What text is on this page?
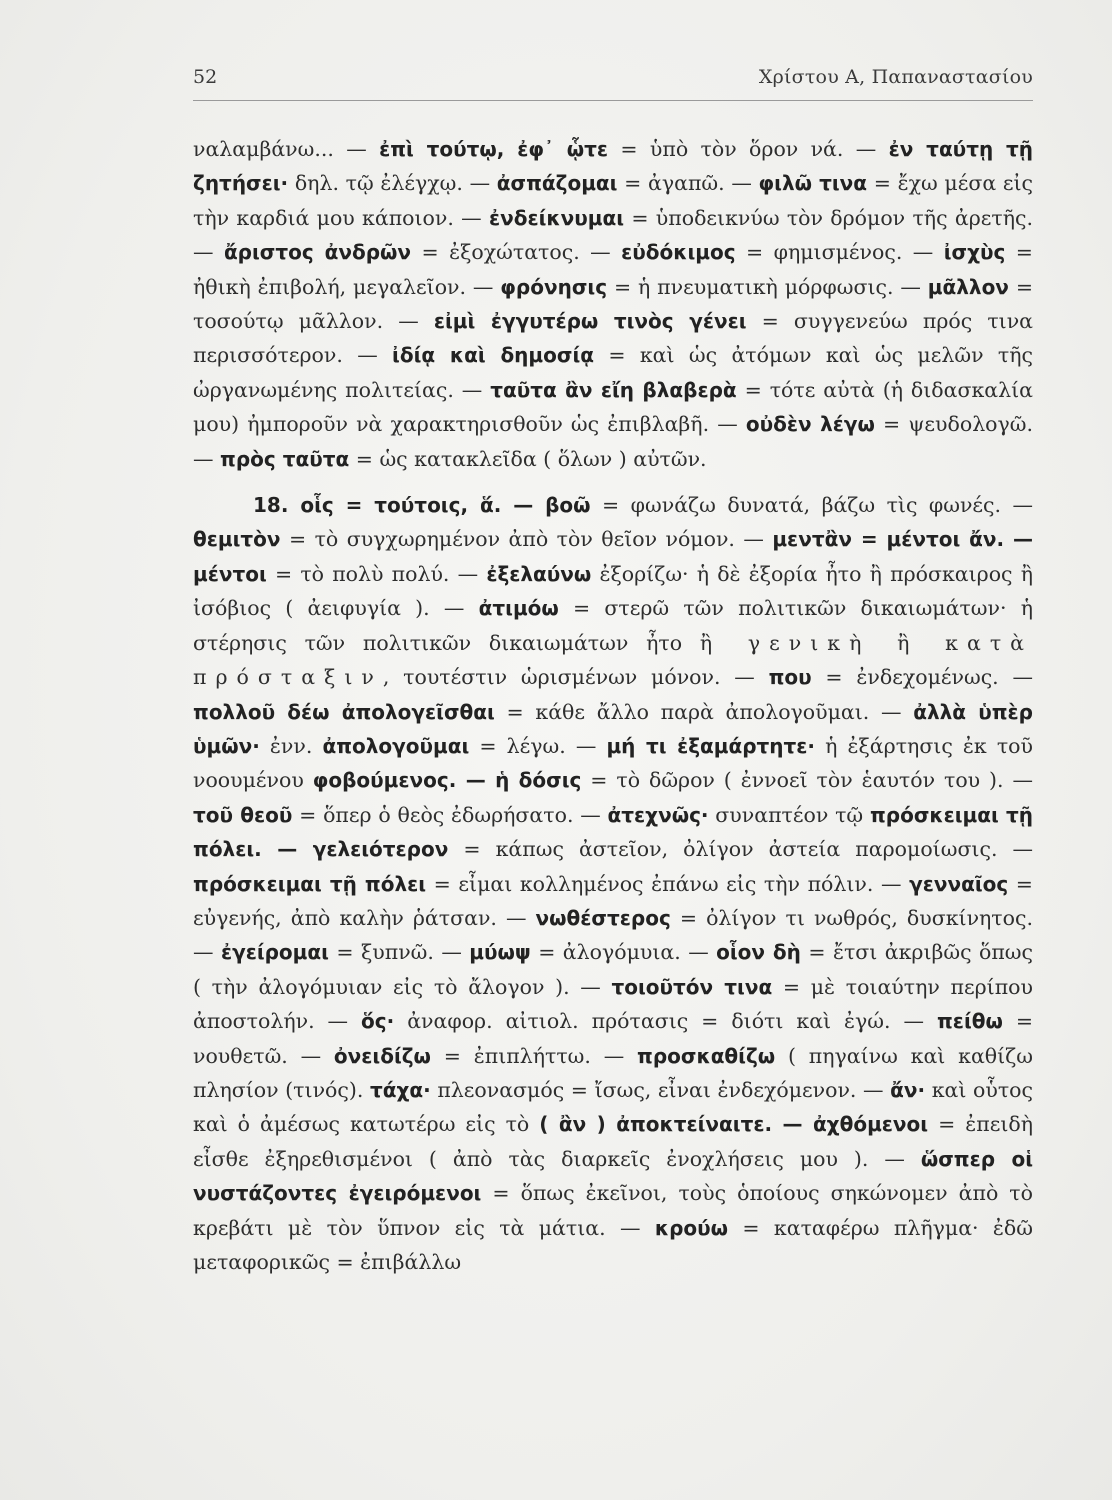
52	Χρίστου Α, Παπαναστασίου

ναλαμβάνω... — ἐπὶ τούτῳ, ἐφ᾽ ᾧτε = ὑπὸ τὸν ὅρον νά. — ἐν ταύτῃ τῇ ζητήσει· δηλ. τῷ ἐλέγχῳ. — ἀσπάζομαι = ἀγαπῶ. — φιλῶ τινα = ἔχω μέσα εἰς τὴν καρδιά μου κάποιον. — ἐνδείκνυμαι = ὑποδεικνύω τὸν δρόμον τῆς ἀρετῆς. — ἄριστος ἀνδρῶν = ἐξοχώτατος. — εὐδόκιμος = φημισμένος. — ἰσχὺς = ἠθικὴ ἐπιβολή, μεγαλεῖον. — φρόνησις = ἡ πνευματικὴ μόρφωσις. — μᾶλλον = τοσούτῳ μᾶλλον. — εἰμὶ ἐγγυτέρω τινὸς γένει = συγγενεύω πρός τινα περισσότερον. — ἰδίᾳ καὶ δημοσίᾳ = καὶ ὡς ἀτόμων καὶ ὡς μελῶν τῆς ὠργανωμένης πολιτείας. — ταῦτα ἂν εἴη βλαβερὰ = τότε αὐτὰ (ἡ διδασκαλία μου) ἠμποροῦν νὰ χαρακτηρισθοῦν ὡς ἐπιβλαβῆ. — οὐδὲν λέγω = ψευδολογῶ. — πρὸς ταῦτα = ὡς κατακλεῖδα ( ὅλων ) αὐτῶν.

18. οἷς = τούτοις, ἅ. — βοῶ = φωνάζω δυνατά, βάζω τὶς φωνές. — θεμιτὸν = τὸ συγχωρημένον ἀπὸ τὸν θεῖον νόμον. — μεντἂν = μέντοι ἄν. — μέντοι = τὸ πολὺ πολύ. — ἐξελαύνω ἐξορίζω· ἡ δὲ ἐξορία ἦτο ἢ πρόσκαιρος ἢ ἰσόβιος ( ἀειφυγία ). — ἀτιμόω = στερῶ τῶν πολιτικῶν δικαιωμάτων· ἡ στέρησις τῶν πολιτικῶν δικαιωμάτων ἦτο ἢ γενικὴ ἢ κατὰ πρόσταξιν, τουτέστιν ὡρισμένων μόνον. — που = ἐνδεχομένως. — πολλοῦ δέω ἀπολογεῖσθαι = κάθε ἄλλο παρὰ ἀπολογοῦμαι. — ἀλλὰ ὑπὲρ ὑμῶν· ἐνν. ἀπολογοῦμαι = λέγω. — μή τι ἐξαμάρτητε· ἡ ἐξάρτησις ἐκ τοῦ νοουμένου φοβούμενος. — ἡ δόσις = τὸ δῶρον ( ἐννοεῖ τὸν ἑαυτόν του ). — τοῦ θεοῦ = ὅπερ ὁ θεὸς ἐδωρήσατο. — ἀτεχνῶς· συναπτέον τῷ πρόσκειμαι τῇ πόλει. — γελειότερον = κάπως ἀστεῖον, ὀλίγον ἀστεία παρομοίωσις. — πρόσκειμαι τῇ πόλει = εἶμαι κολλημένος ἐπάνω εἰς τὴν πόλιν. — γενναῖος = εὐγενής, ἀπὸ καλὴν ῥάτσαν. — νωθέστερος = ὀλίγον τι νωθρός, δυσκίνητος. — ἐγείρομαι = ξυπνῶ. — μύωψ = ἀλογόμυια. — οἷον δὴ = ἔτσι ἀκριβῶς ὅπως ( τὴν ἀλογόμυιαν εἰς τὸ ἄλογον ). — τοιοῦτόν τινα = μὲ τοιαύτην περίπου ἀποστολήν. — ὅς· ἀναφορ. αἰτιολ. πρότασις = διότι καὶ ἐγώ. — πείθω = νουθετῶ. — ὀνειδίζω = ἐπιπλήττω. — προσκαθίζω ( πηγαίνω καὶ καθίζω πλησίον (τινός). τάχα· πλεονασμός = ἴσως, εἶναι ἐνδεχόμενον. — ἄν· καὶ οὗτος καὶ ὁ ἀμέσως κατωτέρω εἰς τὸ ( ἂν ) ἀποκτείναιτε. — ἀχθόμενοι = ἐπειδὴ εἶσθε ἐξηρεθισμένοι ( ἀπὸ τὰς διαρκεῖς ἐνοχλήσεις μου ). — ὥσπερ οἱ νυστάζοντες ἐγειρόμενοι = ὅπως ἐκεῖνοι, τοὺς ὁποίους σηκώνομεν ἀπὸ τὸ κρεβάτι μὲ τὸν ὕπνον εἰς τὰ μάτια. — κρούω = καταφέρω πλῆγμα· ἐδῶ μεταφορικῶς = ἐπιβάλλω
